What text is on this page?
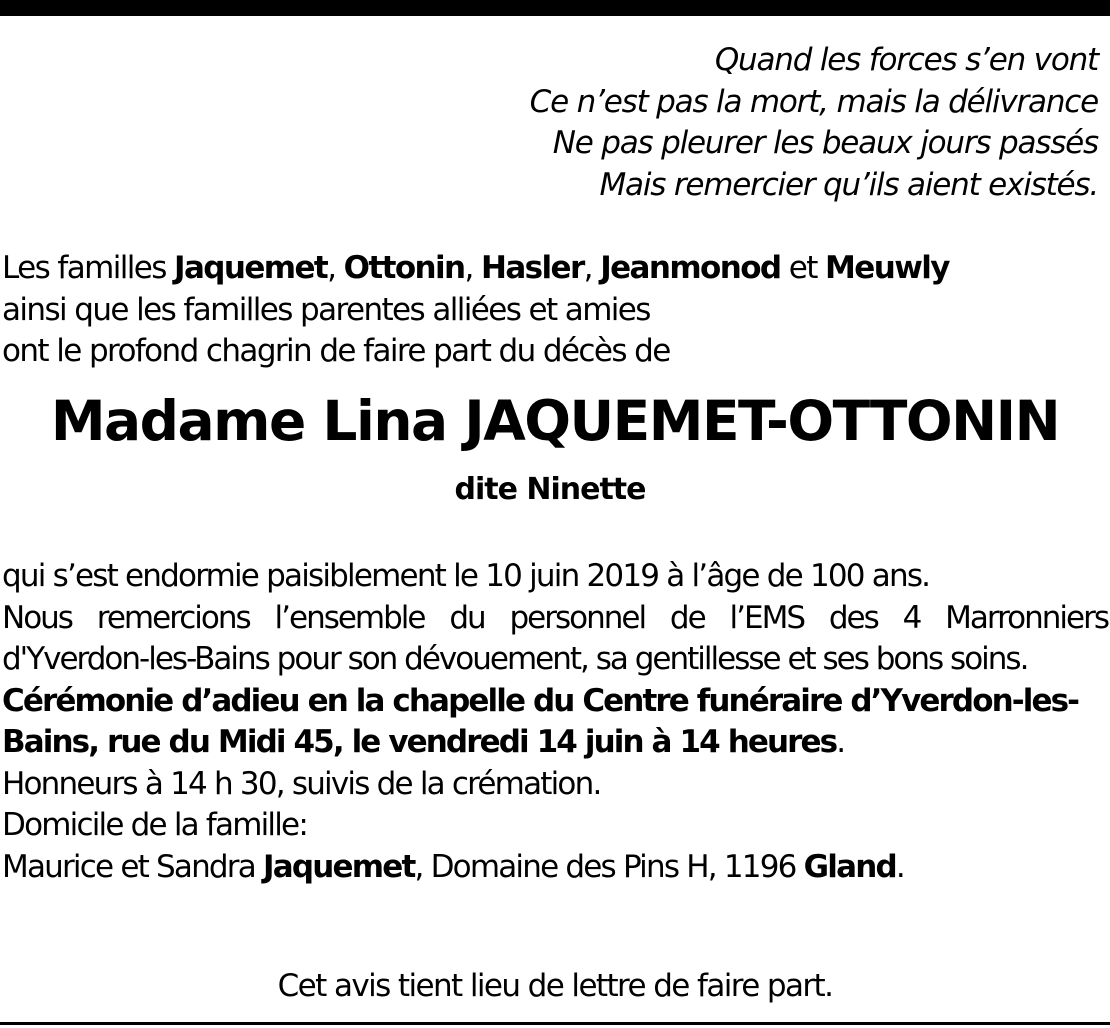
Quand les forces s’en vont
Ce n’est pas la mort, mais la délivrance
Ne pas pleurer les beaux jours passés
Mais remercier qu’ils aient existés.
Les familles Jaquemet, Ottonin, Hasler, Jeanmonod et Meuwly
ainsi que les familles parentes alliées et amies
ont le profond chagrin de faire part du décès de
Madame Lina JAQUEMET-OTTONIN
dite Ninette

qui s’est endormie paisiblement le 10 juin 2019 à l’âge de 100 ans.

Nous remercions l’ensemble du personnel de l’EMS des 4 Marronniers d'Yverdon-les-Bains pour son dévouement, sa gentillesse et ses bons soins.

Cérémonie d’adieu en la chapelle du Centre funéraire d’Yverdon-les-Bains, rue du Midi 45, le vendredi 14 juin à 14 heures.

Honneurs à 14 h 30, suivis de la crémation.

Domicile de la famille:

Maurice et Sandra Jaquemet, Domaine des Pins H, 1196 Gland.

Cet avis tient lieu de lettre de faire part.
